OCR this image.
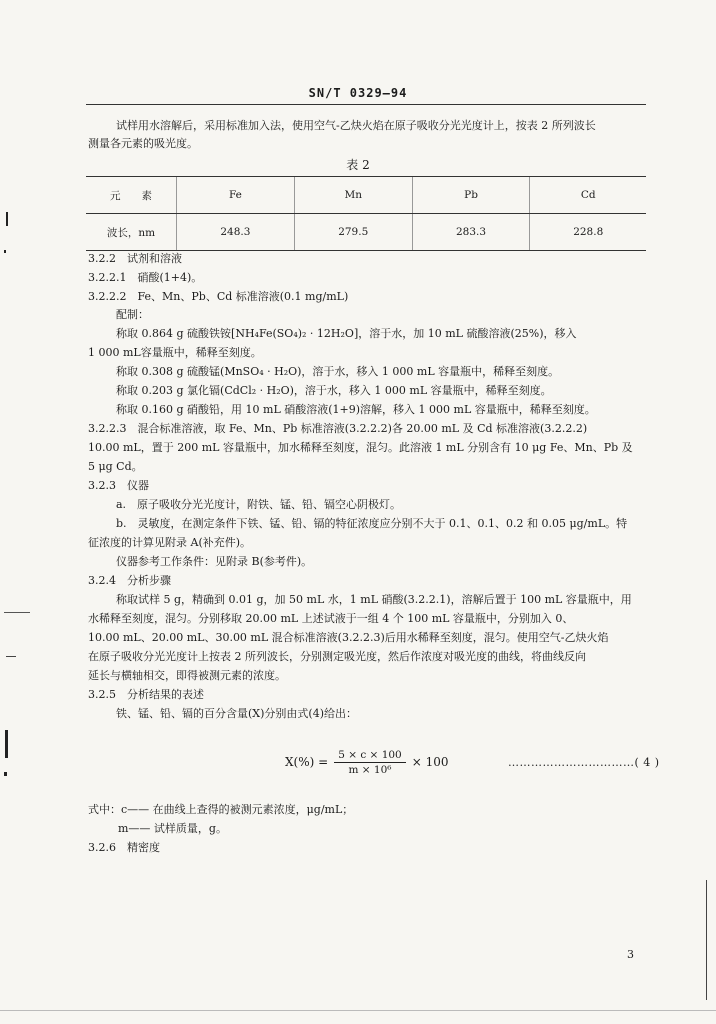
SN/T 0329—94
试样用水溶解后，采用标准加入法，使用空气-乙炔火焰在原子吸收分光光度计上，按表 2 所列波长
测量各元素的吸光度。
表 2
元　　素	Fe	Mn	Pb	Cd
波长，nm	248.3	279.5	283.3	228.8
3.2.2　试剂和溶液
3.2.2.1　硝酸(1+4)。
3.2.2.2　Fe、Mn、Pb、Cd 标准溶液(0.1 mg/mL)
配制：
称取 0.864 g 硫酸铁铵[NH₄Fe(SO₄)₂ · 12H₂O]，溶于水，加 10 mL 硫酸溶液(25%)，移入
1 000 mL容量瓶中，稀释至刻度。
称取 0.308 g 硫酸锰(MnSO₄ · H₂O)，溶于水，移入 1 000 mL 容量瓶中，稀释至刻度。
称取 0.203 g 氯化镉(CdCl₂ · H₂O)，溶于水，移入 1 000 mL 容量瓶中，稀释至刻度。
称取 0.160 g 硝酸铅，用 10 mL 硝酸溶液(1+9)溶解，移入 1 000 mL 容量瓶中，稀释至刻度。
3.2.2.3　混合标准溶液，取 Fe、Mn、Pb 标准溶液(3.2.2.2)各 20.00 mL 及 Cd 标准溶液(3.2.2.2)
10.00 mL，置于 200 mL 容量瓶中，加水稀释至刻度，混匀。此溶液 1 mL 分别含有 10 μg Fe、Mn、Pb 及
5 μg Cd。
3.2.3　仪器
a.　原子吸收分光光度计，附铁、锰、铅、镉空心阴极灯。
b.　灵敏度，在测定条件下铁、锰、铅、镉的特征浓度应分别不大于 0.1、0.1、0.2 和 0.05 μg/mL。特
征浓度的计算见附录 A(补充件)。
仪器参考工作条件：见附录 B(参考件)。
3.2.4　分析步骤
称取试样 5 g，精确到 0.01 g，加 50 mL 水，1 mL 硝酸(3.2.2.1)，溶解后置于 100 mL 容量瓶中，用
水稀释至刻度，混匀。分别移取 20.00 mL 上述试液于一组 4 个 100 mL 容量瓶中，分别加入 0、
10.00 mL、20.00 mL、30.00 mL 混合标准溶液(3.2.2.3)后用水稀释至刻度，混匀。使用空气-乙炔火焰
在原子吸收分光光度计上按表 2 所列波长，分别测定吸光度，然后作浓度对吸光度的曲线，将曲线反向
延长与横轴相交，即得被测元素的浓度。
3.2.5　分析结果的表述
铁、锰、铅、镉的百分含量(X)分别由式(4)给出：
$X(\%) = \frac{5 \times c \times 100}{\text{m × 10⁶}} \times 100$	……………………………( 4 )
式中：c—— 在曲线上查得的被测元素浓度，μg/mL；
m—— 试样质量，g。
3.2.6　精密度
3
